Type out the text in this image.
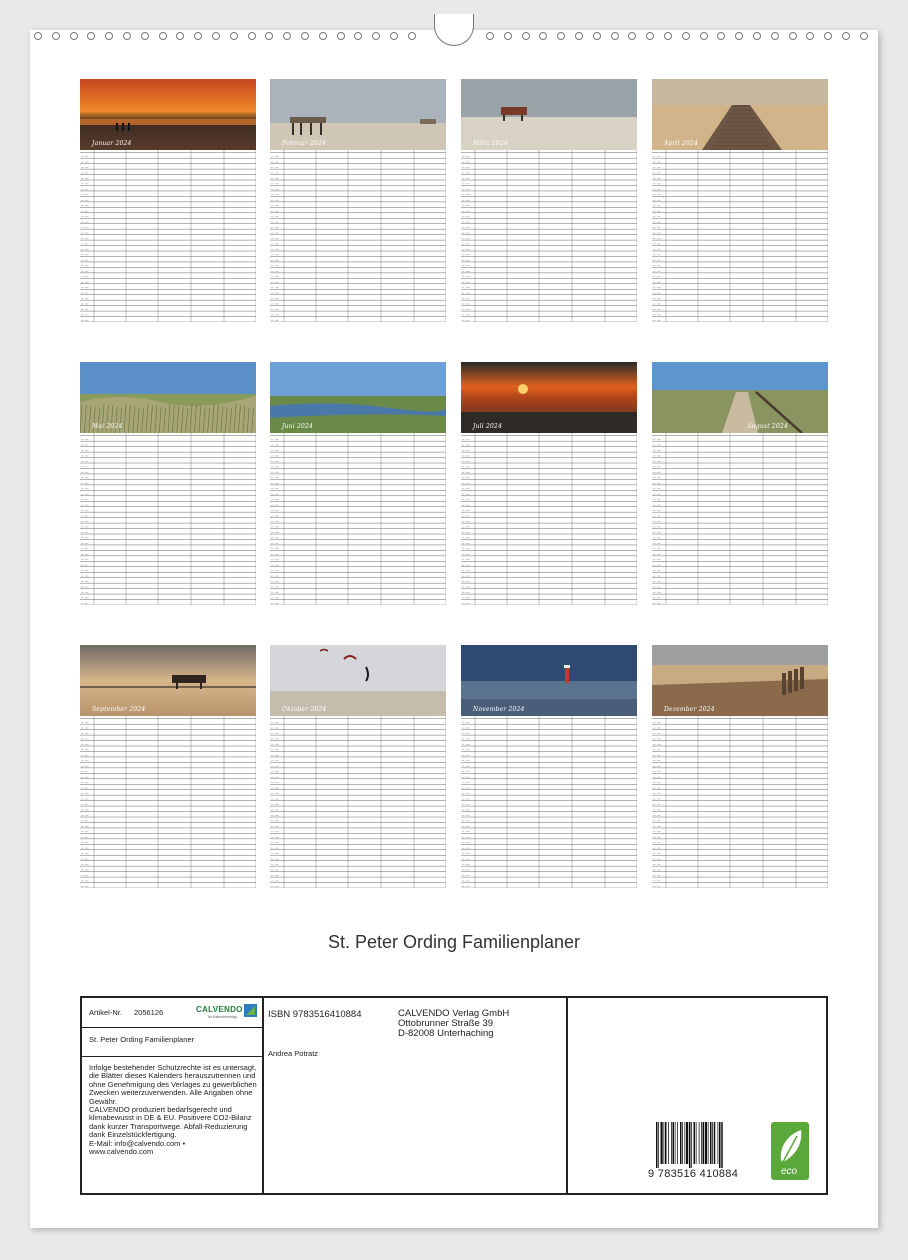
Januar 2024	Februar 2024	März 2024	April 2024
Mai 2024	Juni 2024	Juli 2024	August 2024
September 2024	Oktober 2024	November 2024	Dezember 2024
St. Peter Ording Familienplaner
Artikel-Nr. 2056126	CALVENDO
Ihr Kalenderverlag
St. Peter Ording Familienplaner
Infolge bestehender Schutzrechte ist es untersagt, die Blätter dieses Kalenders herauszutrennen und ohne Genehmigung des Verlages zu gewerblichen Zwecken weiterzuverwenden. Alle Angaben ohne Gewähr.
CALVENDO produziert bedarfsgerecht und klimabewusst in DE & EU. Positivere CO2-Bilanz dank kurzer Transportwege. Abfall-Reduzierung dank Einzelstückfertigung.
E-Mail: info@calvendo.com •
www.calvendo.com
ISBN 9783516410884
Andrea Potratz
CALVENDO Verlag GmbH
Ottobrunner Straße 39
D-82008 Unterhaching
9 783516 410884	eco
